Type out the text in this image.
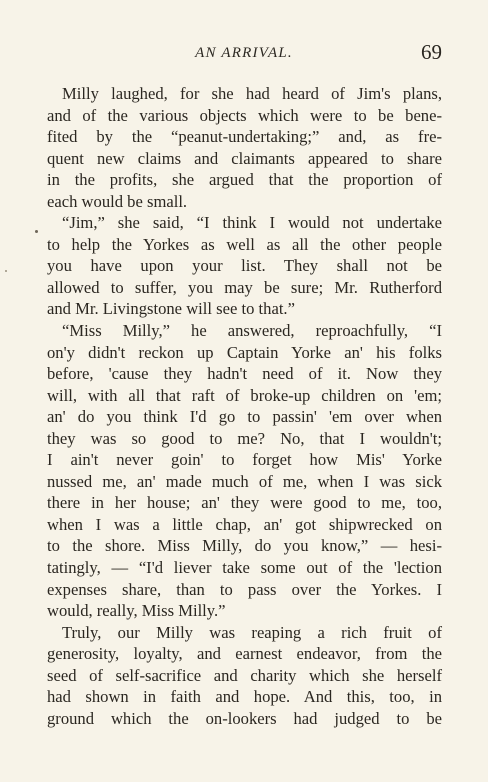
AN ARRIVAL.	69
Milly laughed, for she had heard of Jim's plans,
and of the various objects which were to be bene-
fited by the “peanut-undertaking;” and, as fre-
quent new claims and claimants appeared to share
in the profits, she argued that the proportion of
each would be small.
“Jim,” she said, “I think I would not undertake
to help the Yorkes as well as all the other people
you have upon your list. They shall not be
allowed to suffer, you may be sure; Mr. Rutherford
and Mr. Livingstone will see to that.”
“Miss Milly,” he answered, reproachfully, “I
on'y didn't reckon up Captain Yorke an' his folks
before, 'cause they hadn't need of it. Now they
will, with all that raft of broke-up children on 'em;
an' do you think I'd go to passin' 'em over when
they was so good to me? No, that I wouldn't;
I ain't never goin' to forget how Mis' Yorke
nussed me, an' made much of me, when I was sick
there in her house; an' they were good to me, too,
when I was a little chap, an' got shipwrecked on
to the shore. Miss Milly, do you know,” — hesi-
tatingly, — “I'd liever take some out of the 'lection
expenses share, than to pass over the Yorkes. I
would, really, Miss Milly.”
Truly, our Milly was reaping a rich fruit of
generosity, loyalty, and earnest endeavor, from the
seed of self-sacrifice and charity which she herself
had shown in faith and hope. And this, too, in
ground which the on-lookers had judged to be
